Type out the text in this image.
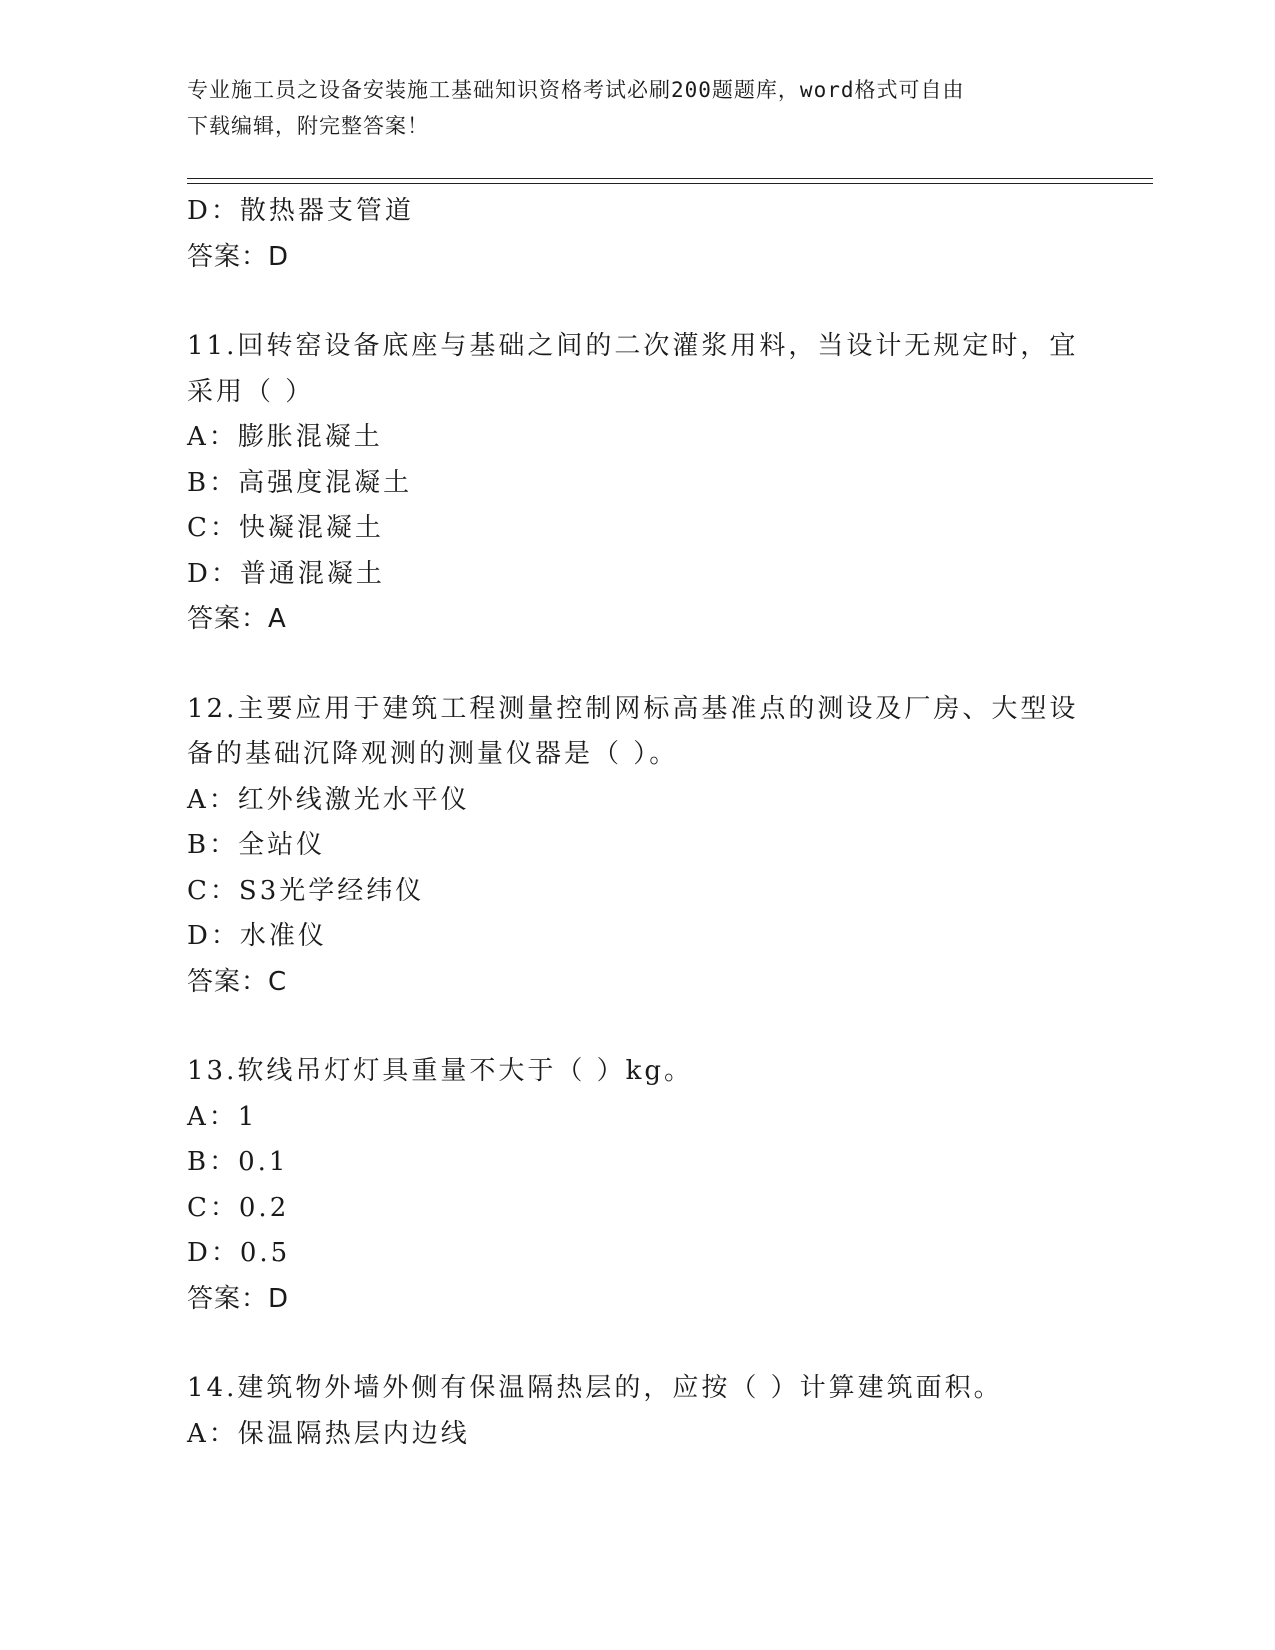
专业施工员之设备安装施工基础知识资格考试必刷200题题库，word格式可自由
下载编辑，附完整答案！
D：散热器支管道
答案：D
11.回转窑设备底座与基础之间的二次灌浆用料，当设计无规定时，宜
采用（ ）
A：膨胀混凝土
B：高强度混凝土
C：快凝混凝土
D：普通混凝土
答案：A
12.主要应用于建筑工程测量控制网标高基准点的测设及厂房、大型设
备的基础沉降观测的测量仪器是（ ）。
A：红外线激光水平仪
B：全站仪
C：S3光学经纬仪
D：水准仪
答案：C
13.软线吊灯灯具重量不大于（ ）kg。
A：1
B：0.1
C：0.2
D：0.5
答案：D
14.建筑物外墙外侧有保温隔热层的，应按（ ）计算建筑面积。
A：保温隔热层内边线
